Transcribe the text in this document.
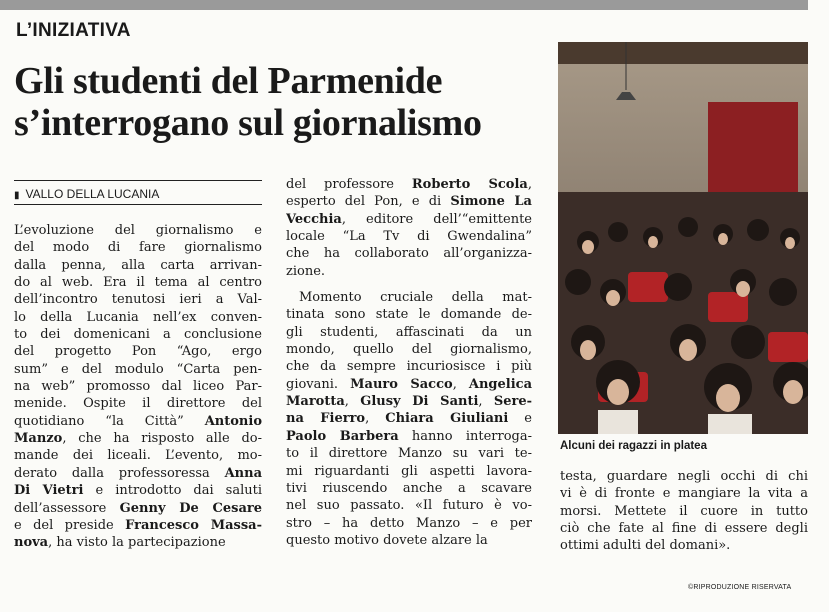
L’INIZIATIVA
Gli studenti del Parmenide
s’interrogano sul giornalismo
▮ VALLO DELLA LUCANIA
L’evoluzione del giornalismo e
del modo di fare giornalismo
dalla penna, alla carta arrivan-
do al web. Era il tema al centro
dell’incontro tenutosi ieri a Val-
lo della Lucania nell’ex conven-
to dei domenicani a conclusione
del progetto Pon “Ago, ergo
sum” e del modulo “Carta pen-
na web” promosso dal liceo Par-
menide. Ospite il direttore del
quotidiano “la Città” Antonio
Manzo, che ha risposto alle do-
mande dei liceali. L’evento, mo-
derato dalla professoressa Anna
Di Vietri e introdotto dai saluti
dell’assessore Genny De Cesare
e del preside Francesco Massa-
nova, ha visto la partecipazione
del professore Roberto Scola,
esperto del Pon, e di Simone La
Vecchia, editore dell’“emittente
locale “La Tv di Gwendalina”
che ha collaborato all’organizza-
zione.
Momento cruciale della mat-
tinata sono state le domande de-
gli studenti, affascinati da un
mondo, quello del giornalismo,
che da sempre incuriosisce i più
giovani. Mauro Sacco, Angelica
Marotta, Glusy Di Santi, Sere-
na Fierro, Chiara Giuliani e
Paolo Barbera hanno interroga-
to il direttore Manzo su vari te-
mi riguardanti gli aspetti lavora-
tivi riuscendo anche a scavare
nel suo passato. «Il futuro è vo-
stro – ha detto Manzo – e per
questo motivo dovete alzare la
Alcuni dei ragazzi in platea
testa, guardare negli occhi di chi
vi è di fronte e mangiare la vita a
morsi. Mettete il cuore in tutto
ciò che fate al fine di essere degli
ottimi adulti del domani».
©RIPRODUZIONE RISERVATA
